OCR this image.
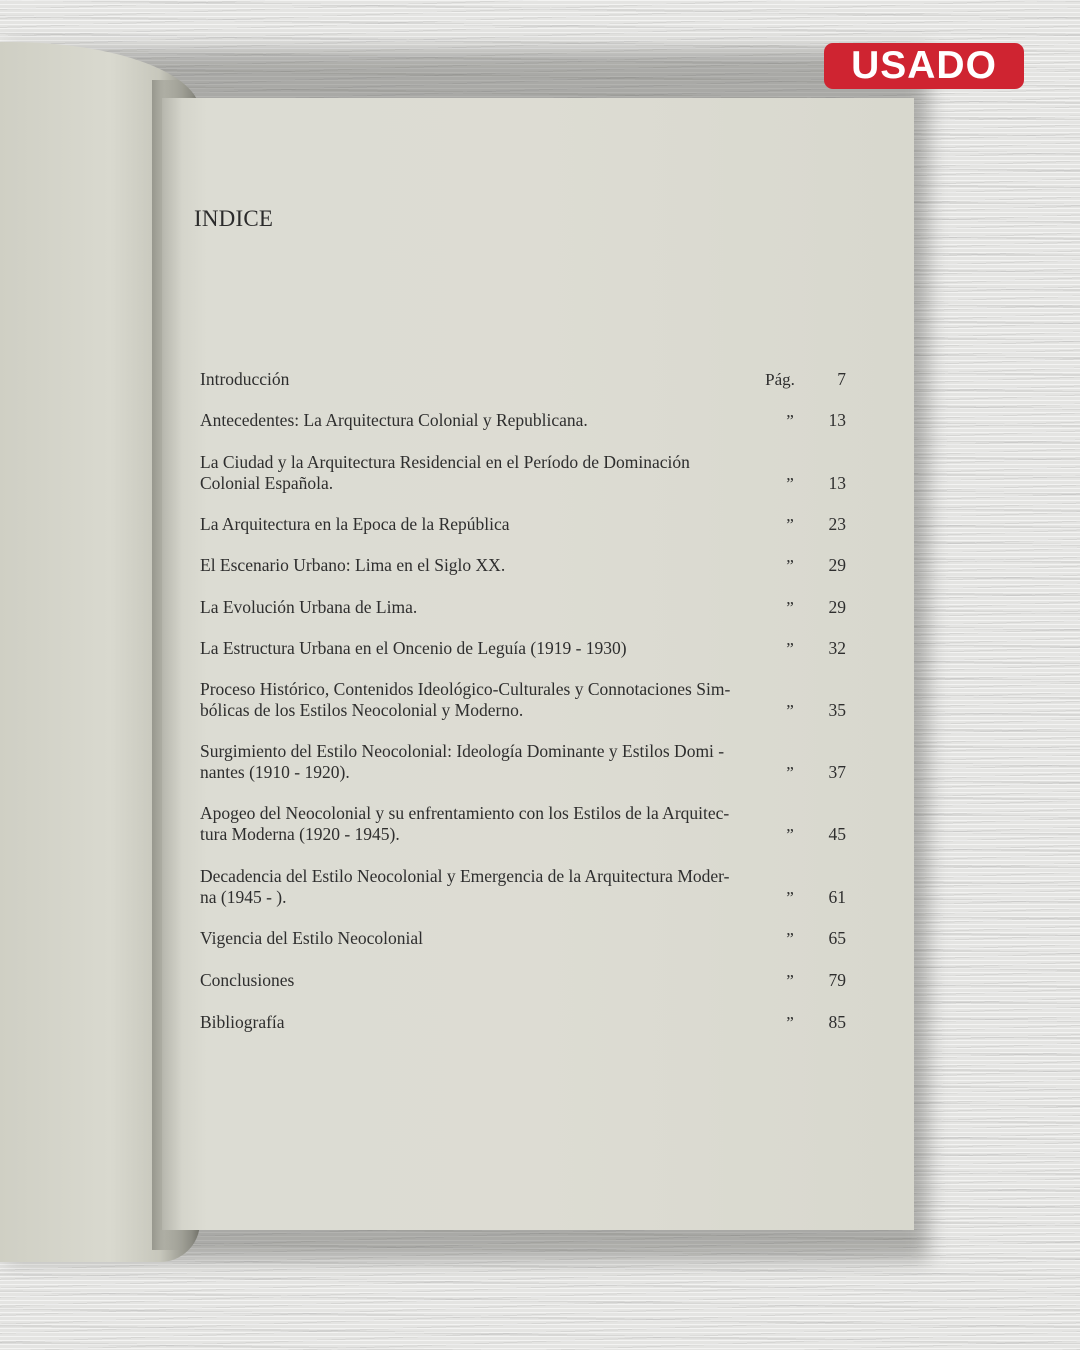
USADO
INDICE
Introducción	Pág.	7
Antecedentes: La Arquitectura Colonial y Republicana.	”	13
La Ciudad y la Arquitectura Residencial en el Período de Dominación
Colonial Española.	”	13
La Arquitectura en la Epoca de la República	”	23
El Escenario Urbano: Lima en el Siglo XX.	”	29
La Evolución Urbana de Lima.	”	29
La Estructura Urbana en el Oncenio de Leguía (1919 - 1930)	”	32
Proceso Histórico, Contenidos Ideológico-Culturales y Connotaciones Sim-
bólicas de los Estilos Neocolonial y Moderno.	”	35
Surgimiento del Estilo Neocolonial: Ideología Dominante y Estilos Domi -
nantes (1910 - 1920).	”	37
Apogeo del Neocolonial y su enfrentamiento con los Estilos de la Arquitec-
tura Moderna (1920 - 1945).	”	45
Decadencia del Estilo Neocolonial y Emergencia de la Arquitectura Moder-
na (1945 - ).	”	61
Vigencia del Estilo Neocolonial	”	65
Conclusiones	”	79
Bibliografía	”	85
